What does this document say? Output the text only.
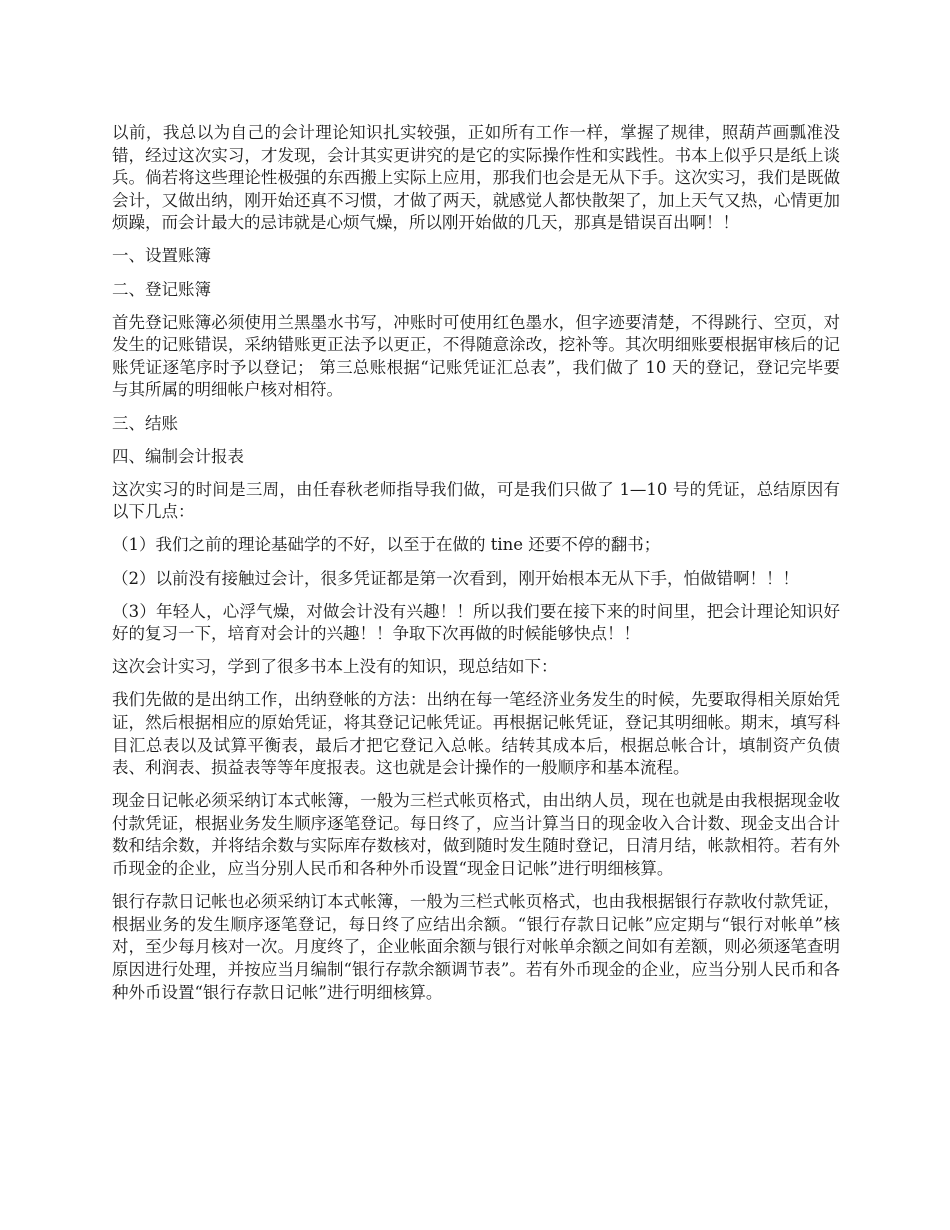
以前，我总以为自己的会计理论知识扎实较强，正如所有工作一样，掌握了规律，照葫芦画瓢准没错，经过这次实习，才发现，会计其实更讲究的是它的实际操作性和实践性。书本上似乎只是纸上谈兵。倘若将这些理论性极强的东西搬上实际上应用，那我们也会是无从下手。这次实习，我们是既做会计，又做出纳，刚开始还真不习惯，才做了两天，就感觉人都快散架了，加上天气又热，心情更加烦躁，而会计最大的忌讳就是心烦气燥，所以刚开始做的几天，那真是错误百出啊！！

一、设置账簿

二、登记账簿

首先登记账簿必须使用兰黑墨水书写，冲账时可使用红色墨水，但字迹要清楚，不得跳行、空页，对发生的记账错误，采纳错账更正法予以更正，不得随意涂改，挖补等。其次明细账要根据审核后的记账凭证逐笔序时予以登记； 第三总账根据“记账凭证汇总表”，我们做了 10 天的登记，登记完毕要与其所属的明细帐户核对相符。

三、结账

四、编制会计报表

这次实习的时间是三周，由任春秋老师指导我们做，可是我们只做了 1—10 号的凭证，总结原因有以下几点：

（1）我们之前的理论基础学的不好，以至于在做的 tine 还要不停的翻书；

（2）以前没有接触过会计，很多凭证都是第一次看到，刚开始根本无从下手，怕做错啊！！！

（3）年轻人，心浮气燥，对做会计没有兴趣！！所以我们要在接下来的时间里，把会计理论知识好好的复习一下，培育对会计的兴趣！！争取下次再做的时候能够快点！！

这次会计实习，学到了很多书本上没有的知识，现总结如下：

我们先做的是出纳工作，出纳登帐的方法：出纳在每一笔经济业务发生的时候，先要取得相关原始凭证，然后根据相应的原始凭证，将其登记记帐凭证。再根据记帐凭证，登记其明细帐。期末，填写科目汇总表以及试算平衡表，最后才把它登记入总帐。结转其成本后，根据总帐合计，填制资产负债表、利润表、损益表等等年度报表。这也就是会计操作的一般顺序和基本流程。

现金日记帐必须采纳订本式帐簿，一般为三栏式帐页格式，由出纳人员，现在也就是由我根据现金收付款凭证，根据业务发生顺序逐笔登记。每日终了，应当计算当日的现金收入合计数、现金支出合计数和结余数，并将结余数与实际库存数核对，做到随时发生随时登记，日清月结，帐款相符。若有外币现金的企业，应当分别人民币和各种外币设置“现金日记帐”进行明细核算。

银行存款日记帐也必须采纳订本式帐簿，一般为三栏式帐页格式，也由我根据银行存款收付款凭证，根据业务的发生顺序逐笔登记，每日终了应结出余额。“银行存款日记帐”应定期与“银行对帐单”核对，至少每月核对一次。月度终了，企业帐面余额与银行对帐单余额之间如有差额，则必须逐笔查明原因进行处理，并按应当月编制“银行存款余额调节表”。若有外币现金的企业，应当分别人民币和各种外币设置“银行存款日记帐”进行明细核算。
